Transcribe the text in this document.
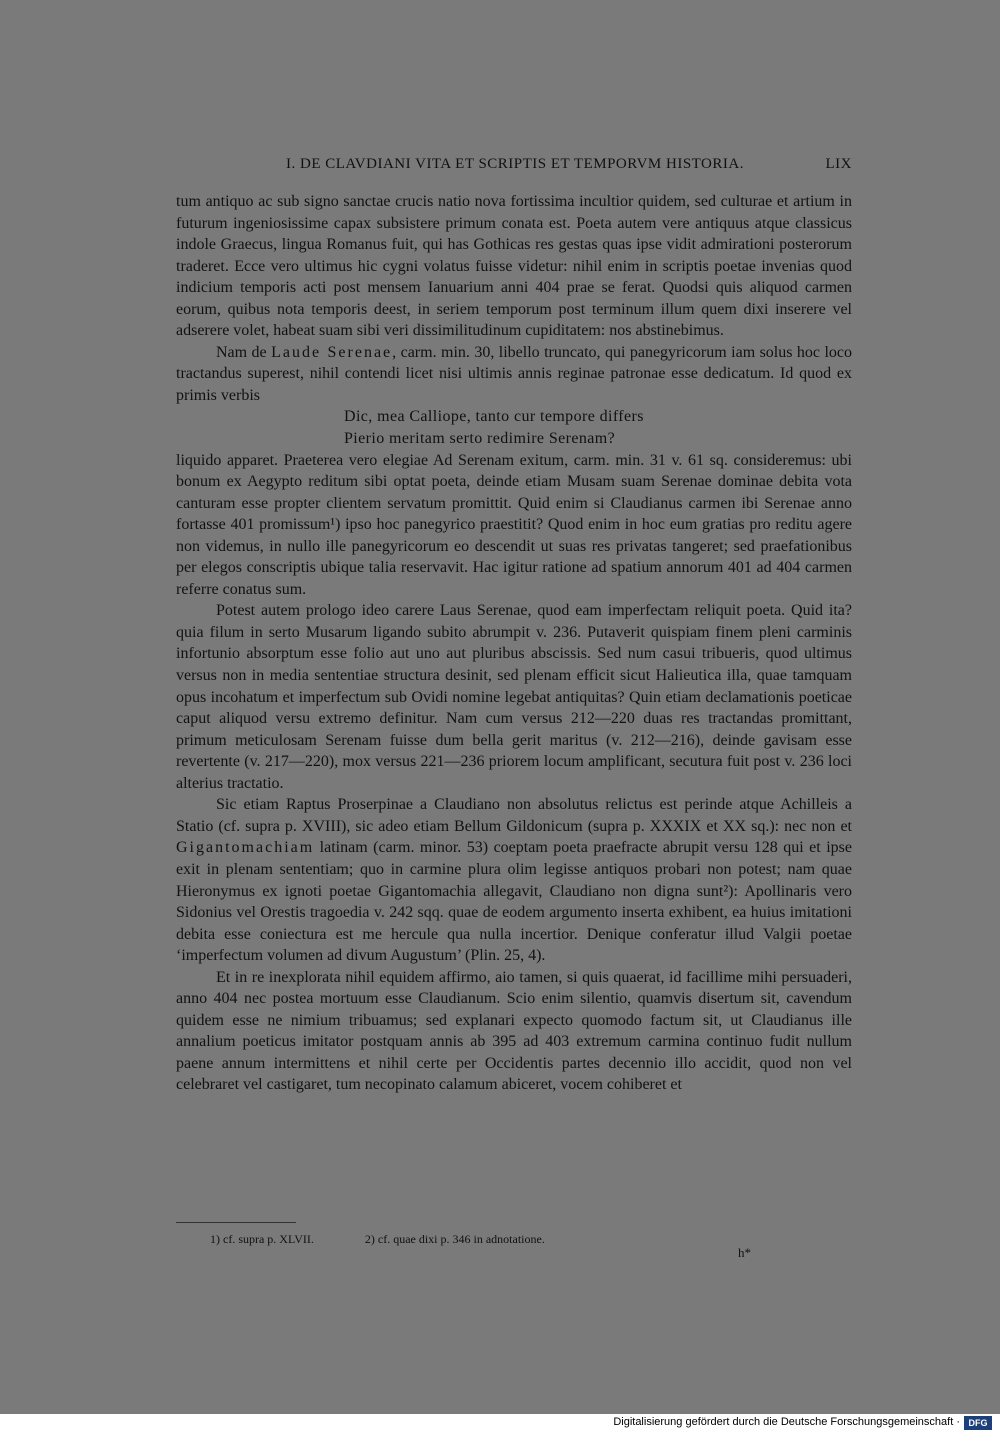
I. DE CLAVDIANI VITA ET SCRIPTIS ET TEMPORVM HISTORIA.	LIX

tum antiquo ac sub signo sanctae crucis natio nova fortissima incultior quidem, sed culturae et artium in futurum ingeniosissime capax subsistere primum conata est. Poeta autem vere antiquus atque classicus indole Graecus, lingua Romanus fuit, qui has Gothicas res gestas quas ipse vidit admirationi posterorum traderet. Ecce vero ultimus hic cygni volatus fuisse videtur: nihil enim in scriptis poetae invenias quod indicium temporis acti post mensem Ianuarium anni 404 prae se ferat. Quodsi quis aliquod carmen eorum, quibus nota temporis deest, in seriem temporum post terminum illum quem dixi inserere vel adserere volet, habeat suam sibi veri dissimilitudinum cupiditatem: nos abstinebimus.

Nam de Laude Serenae, carm. min. 30, libello truncato, qui panegyricorum iam solus hoc loco tractandus superest, nihil contendi licet nisi ultimis annis reginae patronae esse dedicatum. Id quod ex primis verbis

Dic, mea Calliope, tanto cur tempore differs

Pierio meritam serto redimire Serenam?

liquido apparet. Praeterea vero elegiae Ad Serenam exitum, carm. min. 31 v. 61 sq. consideremus: ubi bonum ex Aegypto reditum sibi optat poeta, deinde etiam Musam suam Serenae dominae debita vota canturam esse propter clientem servatum promittit. Quid enim si Claudianus carmen ibi Serenae anno fortasse 401 promissum¹) ipso hoc panegyrico praestitit? Quod enim in hoc eum gratias pro reditu agere non videmus, in nullo ille panegyricorum eo descendit ut suas res privatas tangeret; sed praefationibus per elegos conscriptis ubique talia reservavit. Hac igitur ratione ad spatium annorum 401 ad 404 carmen referre conatus sum.

Potest autem prologo ideo carere Laus Serenae, quod eam imperfectam reliquit poeta. Quid ita? quia filum in serto Musarum ligando subito abrumpit v. 236. Putaverit quispiam finem pleni carminis infortunio absorptum esse folio aut uno aut pluribus abscissis. Sed num casui tribueris, quod ultimus versus non in media sententiae structura desinit, sed plenam efficit sicut Halieutica illa, quae tamquam opus incohatum et imperfectum sub Ovidi nomine legebat antiquitas? Quin etiam declamationis poeticae caput aliquod versu extremo definitur. Nam cum versus 212—220 duas res tractandas promittant, primum meticulosam Serenam fuisse dum bella gerit maritus (v. 212—216), deinde gavisam esse revertente (v. 217—220), mox versus 221—236 priorem locum amplificant, secutura fuit post v. 236 loci alterius tractatio.

Sic etiam Raptus Proserpinae a Claudiano non absolutus relictus est perinde atque Achilleis a Statio (cf. supra p. XVIII), sic adeo etiam Bellum Gildonicum (supra p. XXXIX et XX sq.): nec non et Gigantomachiam latinam (carm. minor. 53) coeptam poeta praefracte abrupit versu 128 qui et ipse exit in plenam sententiam; quo in carmine plura olim legisse antiquos probari non potest; nam quae Hieronymus ex ignoti poetae Gigantomachia allegavit, Claudiano non digna sunt²): Apollinaris vero Sidonius vel Orestis tragoedia v. 242 sqq. quae de eodem argumento inserta exhibent, ea huius imitationi debita esse coniectura est me hercule qua nulla incertior. Denique conferatur illud Valgii poetae ‘imperfectum volumen ad divum Augustum’ (Plin. 25, 4).

Et in re inexplorata nihil equidem affirmo, aio tamen, si quis quaerat, id facillime mihi persuaderi, anno 404 nec postea mortuum esse Claudianum. Scio enim silentio, quamvis disertum sit, cavendum quidem esse ne nimium tribuamus; sed explanari expecto quomodo factum sit, ut Claudianus ille annalium poeticus imitator postquam annis ab 395 ad 403 extremum carmina continuo fudit nullum paene annum intermittens et nihil certe per Occidentis partes decennio illo accidit, quod non vel celebraret vel castigaret, tum necopinato calamum abiceret, vocem cohiberet et

1) cf. supra p. XLVII.	2) cf. quae dixi p. 346 in adnotatione.
h*
Digitalisierung gefördert durch die Deutsche Forschungsgemeinschaft · DFG
